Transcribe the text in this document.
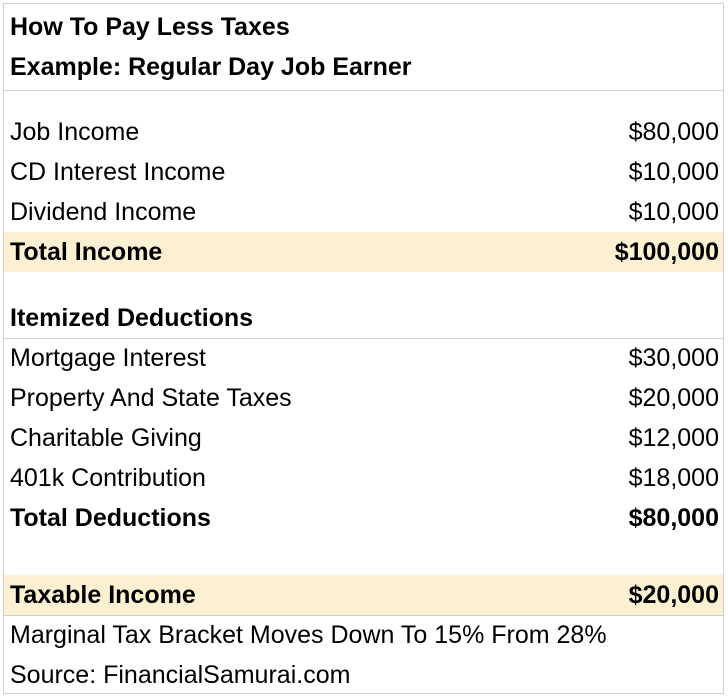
How To Pay Less Taxes
Example: Regular Day Job Earner
Job Income	$80,000
CD Interest Income	$10,000
Dividend Income	$10,000
Total Income	$100,000
Itemized Deductions
Mortgage Interest	$30,000
Property And State Taxes	$20,000
Charitable Giving	$12,000
401k Contribution	$18,000
Total Deductions	$80,000
Taxable Income	$20,000
Marginal Tax Bracket Moves Down To 15% From 28%
Source: FinancialSamurai.com
